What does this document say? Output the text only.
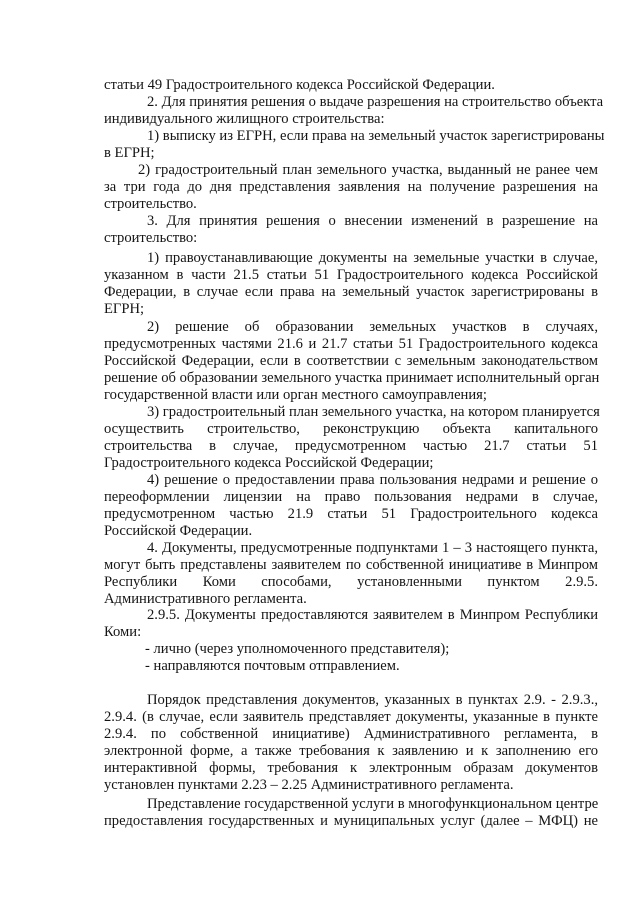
статьи 49 Градостроительного кодекса Российской Федерации.

2. Для принятия решения о выдаче разрешения на строительство объекта

индивидуального жилищного строительства:

1) выписку из ЕГРН, если права на земельный участок зарегистрированы

в ЕГРН;

2) градостроительный план земельного участка, выданный не ранее чем

за три года до дня представления заявления на получение разрешения на

строительство.

3. Для принятия решения о внесении изменений в разрешение на

строительство:

1) правоустанавливающие документы на земельные участки в случае,

указанном в части 21.5 статьи 51 Градостроительного кодекса Российской

Федерации, в случае если права на земельный участок зарегистрированы в

ЕГРН;

2) решение об образовании земельных участков в случаях,

предусмотренных частями 21.6 и 21.7 статьи 51 Градостроительного кодекса

Российской Федерации, если в соответствии с земельным законодательством

решение об образовании земельного участка принимает исполнительный орган

государственной власти или орган местного самоуправления;

3) градостроительный план земельного участка, на котором планируется

осуществить строительство, реконструкцию объекта капитального

строительства в случае, предусмотренном частью 21.7 статьи 51

Градостроительного кодекса Российской Федерации;

4) решение о предоставлении права пользования недрами и решение о

переоформлении лицензии на право пользования недрами в случае,

предусмотренном частью 21.9 статьи 51 Градостроительного кодекса

Российской Федерации.

4. Документы, предусмотренные подпунктами 1 – 3 настоящего пункта,

могут быть представлены заявителем по собственной инициативе в Минпром

Республики Коми способами, установленными пунктом 2.9.5.

Административного регламента.

2.9.5. Документы предоставляются заявителем в Минпром Республики

Коми:

- лично (через уполномоченного представителя);

- направляются почтовым отправлением.

Порядок представления документов, указанных в пунктах 2.9. - 2.9.3.,

2.9.4. (в случае, если заявитель представляет документы, указанные в пункте

2.9.4. по собственной инициативе) Административного регламента, в

электронной форме, а также требования к заявлению и к заполнению его

интерактивной формы, требования к электронным образам документов

установлен пунктами 2.23 – 2.25 Административного регламента.

Представление государственной услуги в многофункциональном центре

предоставления государственных и муниципальных услуг (далее – МФЦ) не
